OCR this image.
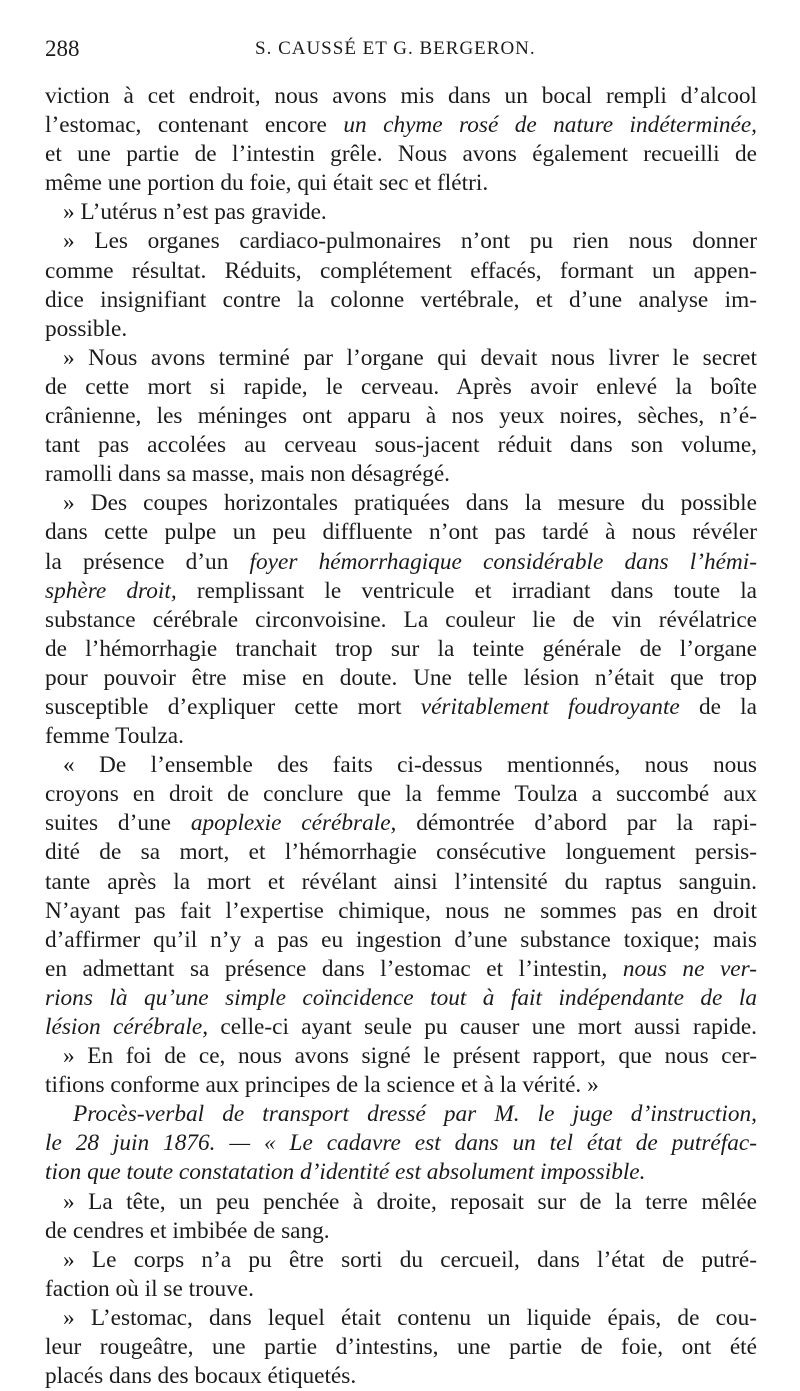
288	S. CAUSSÉ ET G. BERGERON.
viction à cet endroit, nous avons mis dans un bocal rempli d’alcool
l’estomac, contenant encore un chyme rosé de nature indéterminée,
et une partie de l’intestin grêle. Nous avons également recueilli de
même une portion du foie, qui était sec et flétri.
» L’utérus n’est pas gravide.
» Les organes cardiaco-pulmonaires n’ont pu rien nous donner
comme résultat. Réduits, complétement effacés, formant un appen-
dice insignifiant contre la colonne vertébrale, et d’une analyse im-
possible.
» Nous avons terminé par l’organe qui devait nous livrer le secret
de cette mort si rapide, le cerveau. Après avoir enlevé la boîte
crânienne, les méninges ont apparu à nos yeux noires, sèches, n’é-
tant pas accolées au cerveau sous-jacent réduit dans son volume,
ramolli dans sa masse, mais non désagrégé.
» Des coupes horizontales pratiquées dans la mesure du possible
dans cette pulpe un peu diffluente n’ont pas tardé à nous révéler
la présence d’un foyer hémorrhagique considérable dans l’hémi-
sphère droit, remplissant le ventricule et irradiant dans toute la
substance cérébrale circonvoisine. La couleur lie de vin révélatrice
de l’hémorrhagie tranchait trop sur la teinte générale de l’organe
pour pouvoir être mise en doute. Une telle lésion n’était que trop
susceptible d’expliquer cette mort véritablement foudroyante de la
femme Toulza.
« De l’ensemble des faits ci-dessus mentionnés, nous nous
croyons en droit de conclure que la femme Toulza a succombé aux
suites d’une apoplexie cérébrale, démontrée d’abord par la rapi-
dité de sa mort, et l’hémorrhagie consécutive longuement persis-
tante après la mort et révélant ainsi l’intensité du raptus sanguin.
N’ayant pas fait l’expertise chimique, nous ne sommes pas en droit
d’affirmer qu’il n’y a pas eu ingestion d’une substance toxique; mais
en admettant sa présence dans l’estomac et l’intestin, nous ne ver-
rions là qu’une simple coïncidence tout à fait indépendante de la
lésion cérébrale, celle-ci ayant seule pu causer une mort aussi rapide.
» En foi de ce, nous avons signé le présent rapport, que nous cer-
tifions conforme aux principes de la science et à la vérité. »
Procès-verbal de transport dressé par M. le juge d’instruction,
le 28 juin 1876. — « Le cadavre est dans un tel état de putréfac-
tion que toute constatation d’identité est absolument impossible.
» La tête, un peu penchée à droite, reposait sur de la terre mêlée
de cendres et imbibée de sang.
» Le corps n’a pu être sorti du cercueil, dans l’état de putré-
faction où il se trouve.
» L’estomac, dans lequel était contenu un liquide épais, de cou-
leur rougeâtre, une partie d’intestins, une partie de foie, ont été
placés dans des bocaux étiquetés.
